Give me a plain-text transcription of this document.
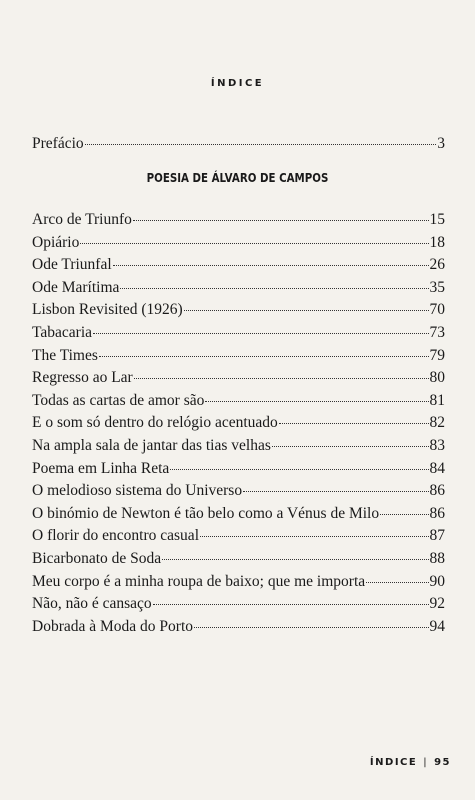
ÍNDICE
Prefácio	3
POESIA DE ÁLVARO DE CAMPOS
Arco de Triunfo	15
Opiário	18
Ode Triunfal	26
Ode Marítima	35
Lisbon Revisited (1926)	70
Tabacaria	73
The Times	79
Regresso ao Lar	80
Todas as cartas de amor são	81
E o som só dentro do relógio acentuado	82
Na ampla sala de jantar das tias velhas	83
Poema em Linha Reta	84
O melodioso sistema do Universo	86
O binómio de Newton é tão belo como a Vénus de Milo	86
O florir do encontro casual	87
Bicarbonato de Soda	88
Meu corpo é a minha roupa de baixo; que me importa	90
Não, não é cansaço	92
Dobrada à Moda do Porto	94
ÍNDICE | 95
